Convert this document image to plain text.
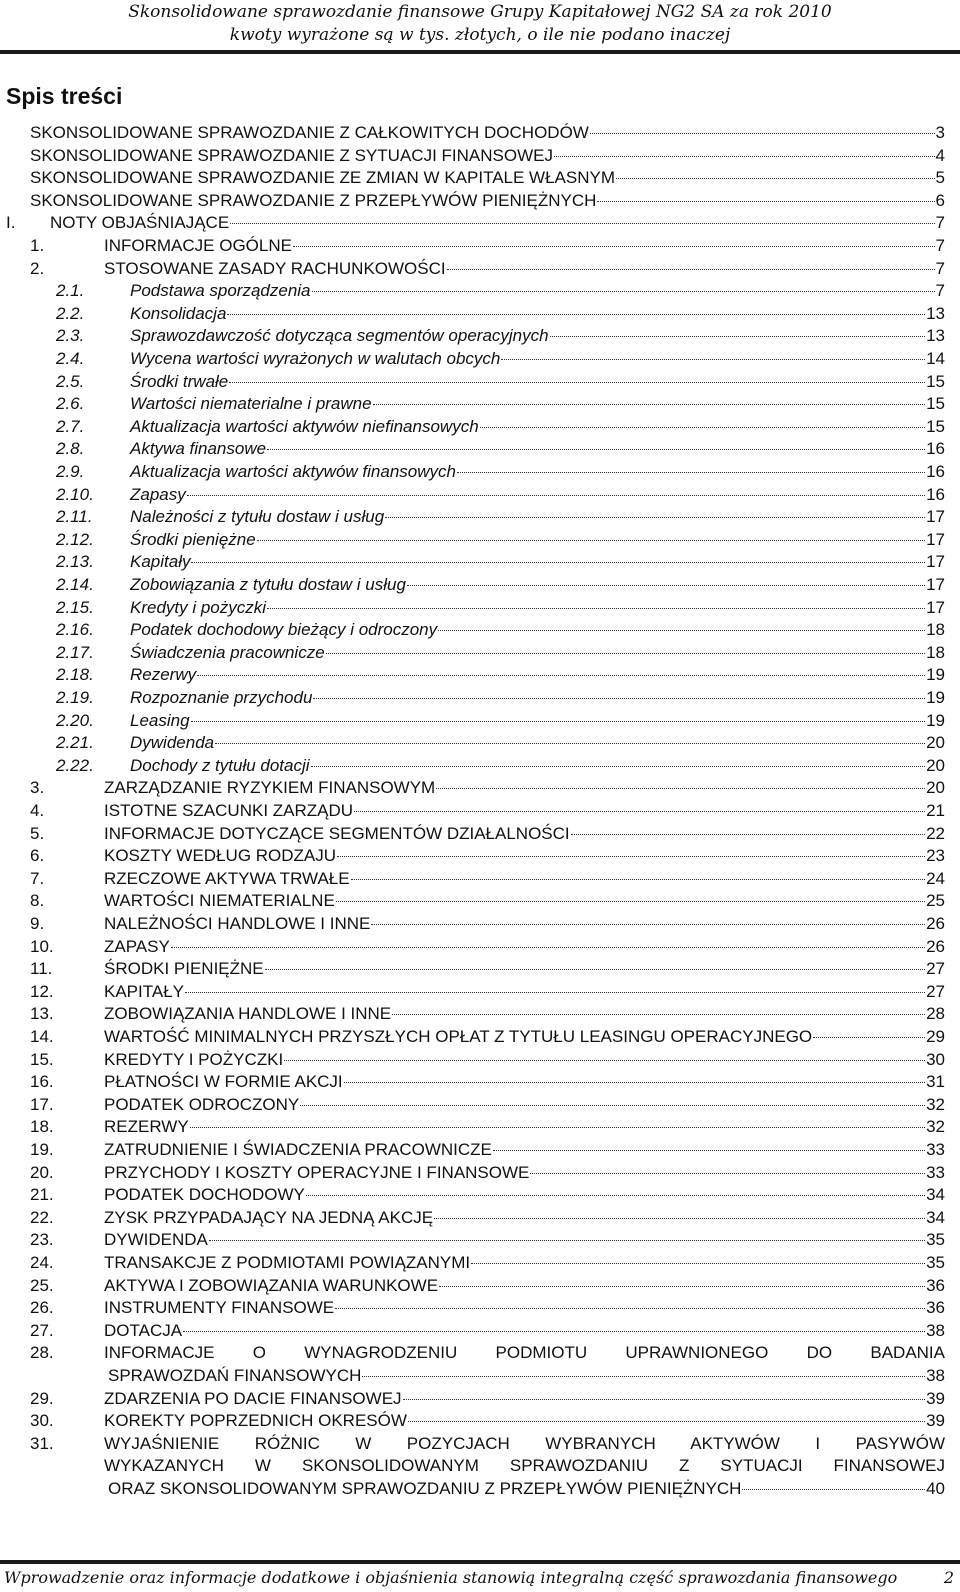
Skonsolidowane sprawozdanie finansowe Grupy Kapitałowej NG2 SA za rok 2010
kwoty wyrażone są w tys. złotych, o ile nie podano inaczej
Spis treści
SKONSOLIDOWANE SPRAWOZDANIE Z CAŁKOWITYCH DOCHODÓW	3
SKONSOLIDOWANE SPRAWOZDANIE Z SYTUACJI FINANSOWEJ	4
SKONSOLIDOWANE SPRAWOZDANIE ZE ZMIAN W KAPITALE WŁASNYM	5
SKONSOLIDOWANE SPRAWOZDANIE Z PRZEPŁYWÓW PIENIĘŻNYCH	6
I. NOTY OBJAŚNIAJĄCE	7
1.	INFORMACJE OGÓLNE	7
2.	STOSOWANE ZASADY RACHUNKOWOŚCI	7
2.1.	Podstawa sporządzenia	7
2.2.	Konsolidacja	13
2.3.	Sprawozdawczość dotycząca segmentów operacyjnych	13
2.4.	Wycena wartości wyrażonych w walutach obcych	14
2.5.	Środki trwałe	15
2.6.	Wartości niematerialne i prawne	15
2.7.	Aktualizacja wartości aktywów niefinansowych	15
2.8.	Aktywa finansowe	16
2.9.	Aktualizacja wartości aktywów finansowych	16
2.10. Zapasy	16
2.11. Należności z tytułu dostaw i usług	17
2.12. Środki pieniężne	17
2.13. Kapitały	17
2.14. Zobowiązania z tytułu dostaw i usług	17
2.15. Kredyty i pożyczki	17
2.16. Podatek dochodowy bieżący i odroczony	18
2.17. Świadczenia pracownicze	18
2.18. Rezerwy	19
2.19. Rozpoznanie przychodu	19
2.20. Leasing	19
2.21. Dywidenda	20
2.22. Dochody z tytułu dotacji	20
3.	ZARZĄDZANIE RYZYKIEM FINANSOWYM	20
4.	ISTOTNE SZACUNKI ZARZĄDU	21
5.	INFORMACJE DOTYCZĄCE SEGMENTÓW DZIAŁALNOŚCI	22
6.	KOSZTY WEDŁUG RODZAJU	23
7.	RZECZOWE AKTYWA TRWAŁE	24
8.	WARTOŚCI NIEMATERIALNE	25
9.	NALEŻNOŚCI HANDLOWE I INNE	26
10.	ZAPASY	26
11.	ŚRODKI PIENIĘŻNE	27
12.	KAPITAŁY	27
13.	ZOBOWIĄZANIA HANDLOWE I INNE	28
14.	WARTOŚĆ MINIMALNYCH PRZYSZŁYCH OPŁAT Z TYTUŁU LEASINGU OPERACYJNEGO	29
15.	KREDYTY I POŻYCZKI	30
16.	PŁATNOŚCI W FORMIE AKCJI	31
17.	PODATEK ODROCZONY	32
18.	REZERWY	32
19.	ZATRUDNIENIE I ŚWIADCZENIA PRACOWNICZE	33
20.	PRZYCHODY I KOSZTY OPERACYJNE I FINANSOWE	33
21.	PODATEK DOCHODOWY	34
22.	ZYSK PRZYPADAJĄCY NA JEDNĄ AKCJĘ	34
23.	DYWIDENDA	35
24.	TRANSAKCJE Z PODMIOTAMI POWIĄZANYMI	35
25.	AKTYWA I ZOBOWIĄZANIA WARUNKOWE	36
26.	INSTRUMENTY FINANSOWE	36
27.	DOTACJA	38
28.	INFORMACJE O WYNAGRODZENIU PODMIOTU UPRAWNIONEGO DO BADANIA
SPRAWOZDAŃ FINANSOWYCH	38
29.	ZDARZENIA PO DACIE FINANSOWEJ	39
30.	KOREKTY POPRZEDNICH OKRESÓW	39
31.	WYJAŚNIENIE RÓŻNIC W POZYCJACH WYBRANYCH AKTYWÓW I PASYWÓW
WYKAZANYCH W SKONSOLIDOWANYM SPRAWOZDANIU Z SYTUACJI FINANSOWEJ
ORAZ SKONSOLIDOWANYM SPRAWOZDANIU Z PRZEPŁYWÓW PIENIĘŻNYCH	40
Wprowadzenie oraz informacje dodatkowe i objaśnienia stanowią integralną część sprawozdania finansowego	2
